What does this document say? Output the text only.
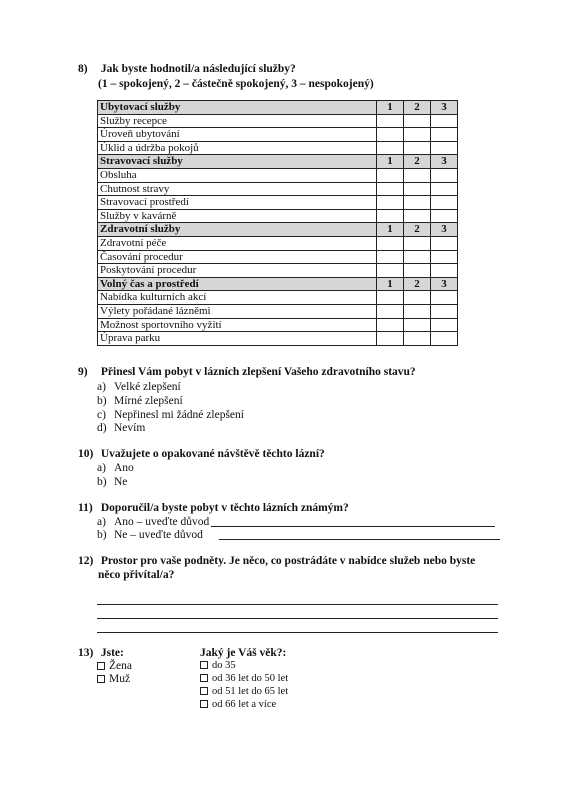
8) Jak byste hodnotil/a následující služby?
(1 – spokojený, 2 – částečně spokojený, 3 – nespokojený)
Ubytovací služby	1	2	3
Služby recepce			
Úroveň ubytování			
Úklid a údržba pokojů			
Stravovací služby	1	2	3
Obsluha			
Chutnost stravy			
Stravovací prostředí			
Služby v kavárně			
Zdravotní služby	1	2	3
Zdravotní péče			
Časování procedur			
Poskytování procedur			
Volný čas a prostředí	1	2	3
Nabídka kulturních akcí			
Výlety pořádané lázněmi			
Možnost sportovního vyžití			
Úprava parku			
9) Přinesl Vám pobyt v lázních zlepšení Vašeho zdravotního stavu?
a) Velké zlepšení
b) Mírné zlepšení
c) Nepřinesl mi žádné zlepšení
d) Nevím
10) Uvažujete o opakované návštěvě těchto lázní?
a) Ano
b) Ne
11) Doporučil/a byste pobyt v těchto lázních známým?
a) Ano – uveďte důvod
b) Ne – uveďte důvod
12) Prostor pro vaše podněty. Je něco, co postrádáte v nabídce služeb nebo byste
něco přivítal/a?
13) Jste:
Žena
Muž
Jaký je Váš věk?:
do 35
od 36 let do 50 let
od 51 let do 65 let
od 66 let a více
